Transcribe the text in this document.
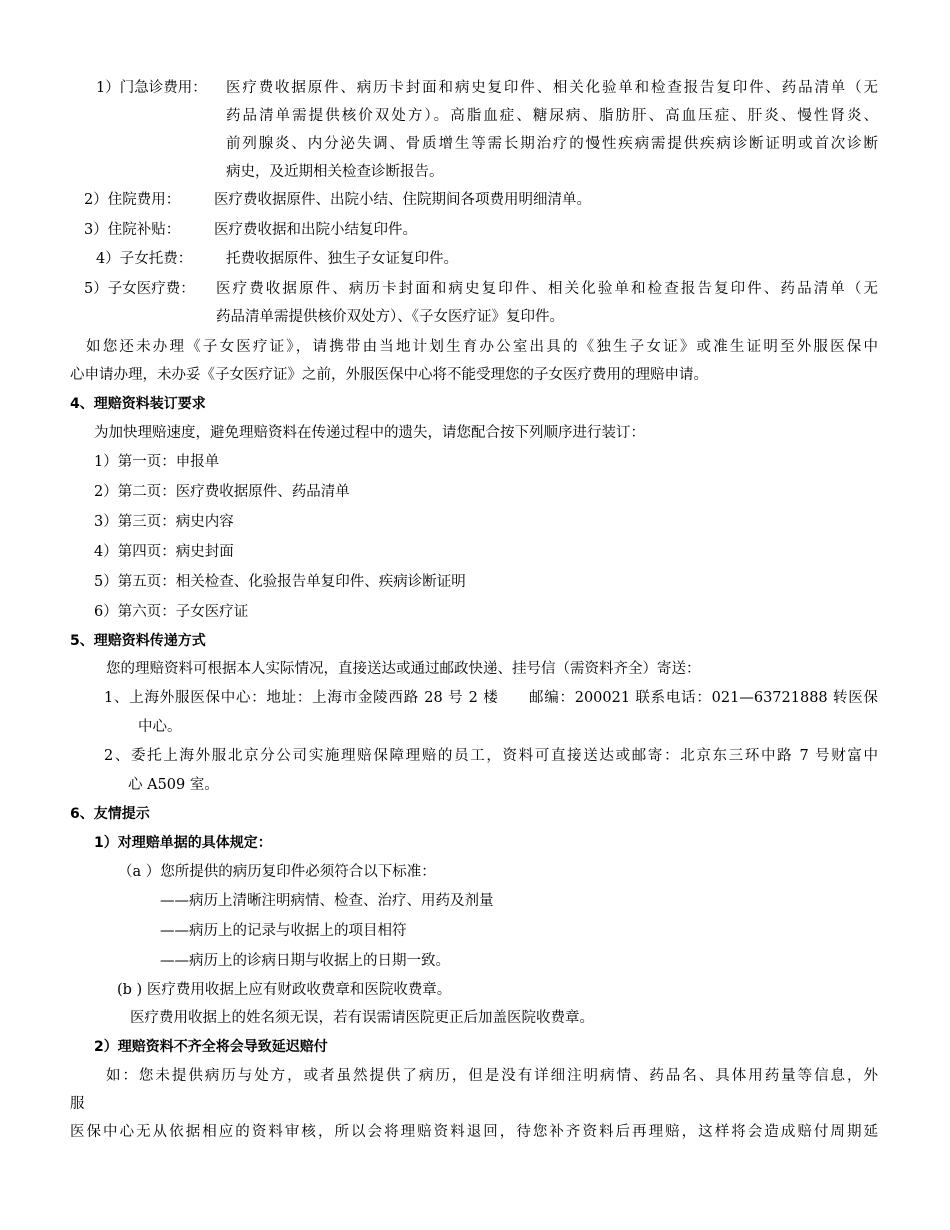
1）门急诊费用： 医疗费收据原件、病历卡封面和病史复印件、相关化验单和检查报告复印件、药品清单（无
药品清单需提供核价双处方）。高脂血症、糖尿病、脂肪肝、高血压症、肝炎、慢性肾炎、
前列腺炎、内分泌失调、骨质增生等需长期治疗的慢性疾病需提供疾病诊断证明或首次诊断
病史，及近期相关检查诊断报告。
2）住院费用： 医疗费收据原件、出院小结、住院期间各项费用明细清单。
3）住院补贴： 医疗费收据和出院小结复印件。
4）子女托费： 托费收据原件、独生子女证复印件。
5）子女医疗费： 医疗费收据原件、病历卡封面和病史复印件、相关化验单和检查报告复印件、药品清单（无
药品清单需提供核价双处方）、《子女医疗证》复印件。
如您还未办理《子女医疗证》，请携带由当地计划生育办公室出具的《独生子女证》或准生证明至外服医保中
心申请办理，未办妥《子女医疗证》之前，外服医保中心将不能受理您的子女医疗费用的理赔申请。
4、理赔资料装订要求
为加快理赔速度，避免理赔资料在传递过程中的遗失，请您配合按下列顺序进行装订：
1）第一页：申报单
2）第二页：医疗费收据原件、药品清单
3）第三页：病史内容
4）第四页：病史封面
5）第五页：相关检查、化验报告单复印件、疾病诊断证明
6）第六页：子女医疗证
5、理赔资料传递方式
您的理赔资料可根据本人实际情况，直接送达或通过邮政快递、挂号信（需资料齐全）寄送：
1、上海外服医保中心：地址：上海市金陵西路 28 号 2 楼　　邮编：200021 联系电话：021—63721888 转医保
中心。
2、委托上海外服北京分公司实施理赔保障理赔的员工，资料可直接送达或邮寄：北京东三环中路 7 号财富中
心 A509 室。
6、友情提示
1）对理赔单据的具体规定：
（a ）您所提供的病历复印件必须符合以下标准：
——病历上清晰注明病情、检查、治疗、用药及剂量
——病历上的记录与收据上的项目相符
——病历上的诊病日期与收据上的日期一致。
(b ) 医疗费用收据上应有财政收费章和医院收费章。
医疗费用收据上的姓名须无误，若有误需请医院更正后加盖医院收费章。
2）理赔资料不齐全将会导致延迟赔付
如：您未提供病历与处方，或者虽然提供了病历，但是没有详细注明病情、药品名、具体用药量等信息，外
服
医保中心无从依据相应的资料审核，所以会将理赔资料退回，待您补齐资料后再理赔，这样将会造成赔付周期延
